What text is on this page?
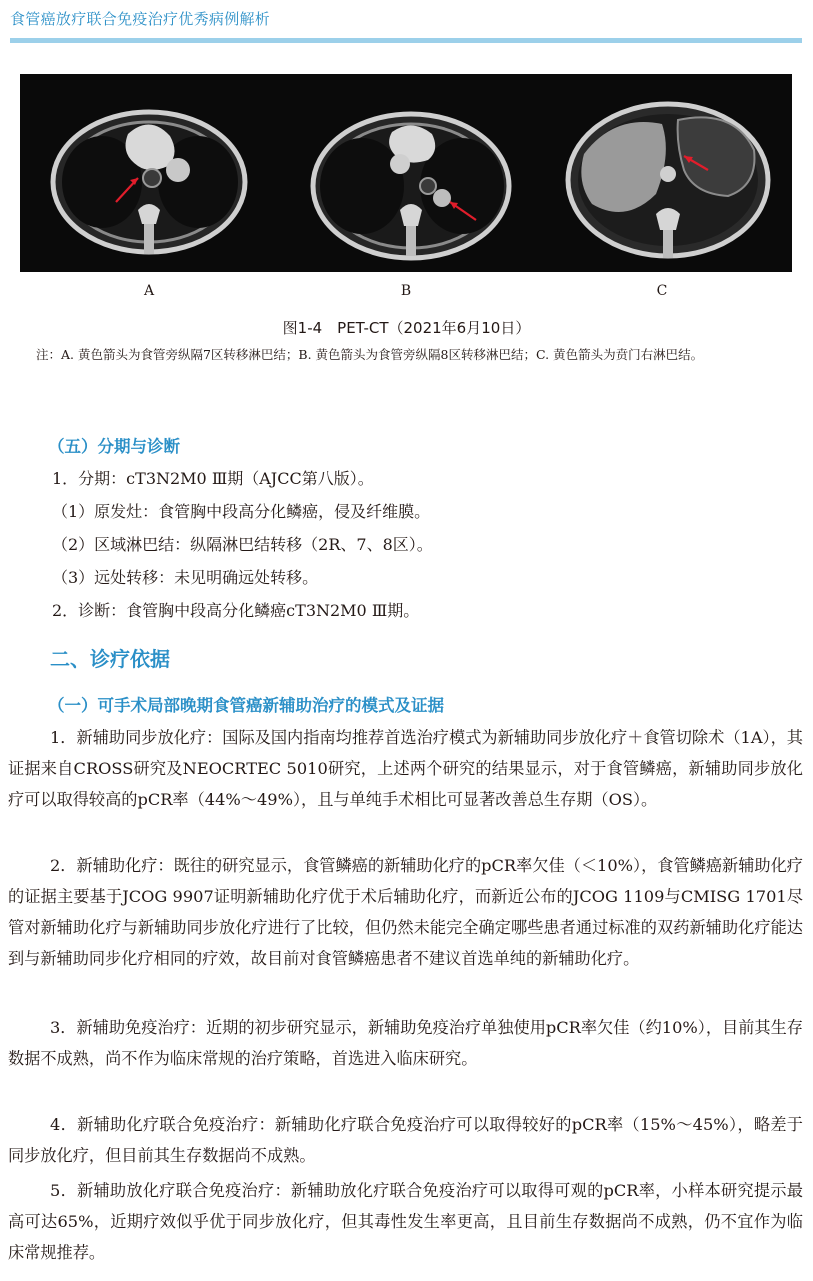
食管癌放疗联合免疫治疗优秀病例解析
A	B	C
图1-4　PET-CT（2021年6月10日）
注：A. 黄色箭头为食管旁纵隔7区转移淋巴结；B. 黄色箭头为食管旁纵隔8区转移淋巴结；C. 黄色箭头为贲门右淋巴结。
（五）分期与诊断
1．分期：cT3N2M0 Ⅲ期（AJCC第八版）。
（1）原发灶：食管胸中段高分化鳞癌，侵及纤维膜。
（2）区域淋巴结：纵隔淋巴结转移（2R、7、8区）。
（3）远处转移：未见明确远处转移。
2．诊断：食管胸中段高分化鳞癌cT3N2M0 Ⅲ期。
二、诊疗依据
（一）可手术局部晚期食管癌新辅助治疗的模式及证据
1．新辅助同步放化疗：国际及国内指南均推荐首选治疗模式为新辅助同步放化疗＋食管切除术（1A），其证据来自CROSS研究及NEOCRTEC 5010研究，上述两个研究的结果显示，对于食管鳞癌，新辅助同步放化疗可以取得较高的pCR率（44%～49%），且与单纯手术相比可显著改善总生存期（OS）。
2．新辅助化疗：既往的研究显示，食管鳞癌的新辅助化疗的pCR率欠佳（＜10%），食管鳞癌新辅助化疗的证据主要基于JCOG 9907证明新辅助化疗优于术后辅助化疗，而新近公布的JCOG 1109与CMISG 1701尽管对新辅助化疗与新辅助同步放化疗进行了比较，但仍然未能完全确定哪些患者通过标准的双药新辅助化疗能达到与新辅助同步化疗相同的疗效，故目前对食管鳞癌患者不建议首选单纯的新辅助化疗。
3．新辅助免疫治疗：近期的初步研究显示，新辅助免疫治疗单独使用pCR率欠佳（约10%），目前其生存数据不成熟，尚不作为临床常规的治疗策略，首选进入临床研究。
4．新辅助化疗联合免疫治疗：新辅助化疗联合免疫治疗可以取得较好的pCR率（15%～45%），略差于同步放化疗，但目前其生存数据尚不成熟。
5．新辅助放化疗联合免疫治疗：新辅助放化疗联合免疫治疗可以取得可观的pCR率，小样本研究提示最高可达65%，近期疗效似乎优于同步放化疗，但其毒性发生率更高，且目前生存数据尚不成熟，仍不宜作为临床常规推荐。
